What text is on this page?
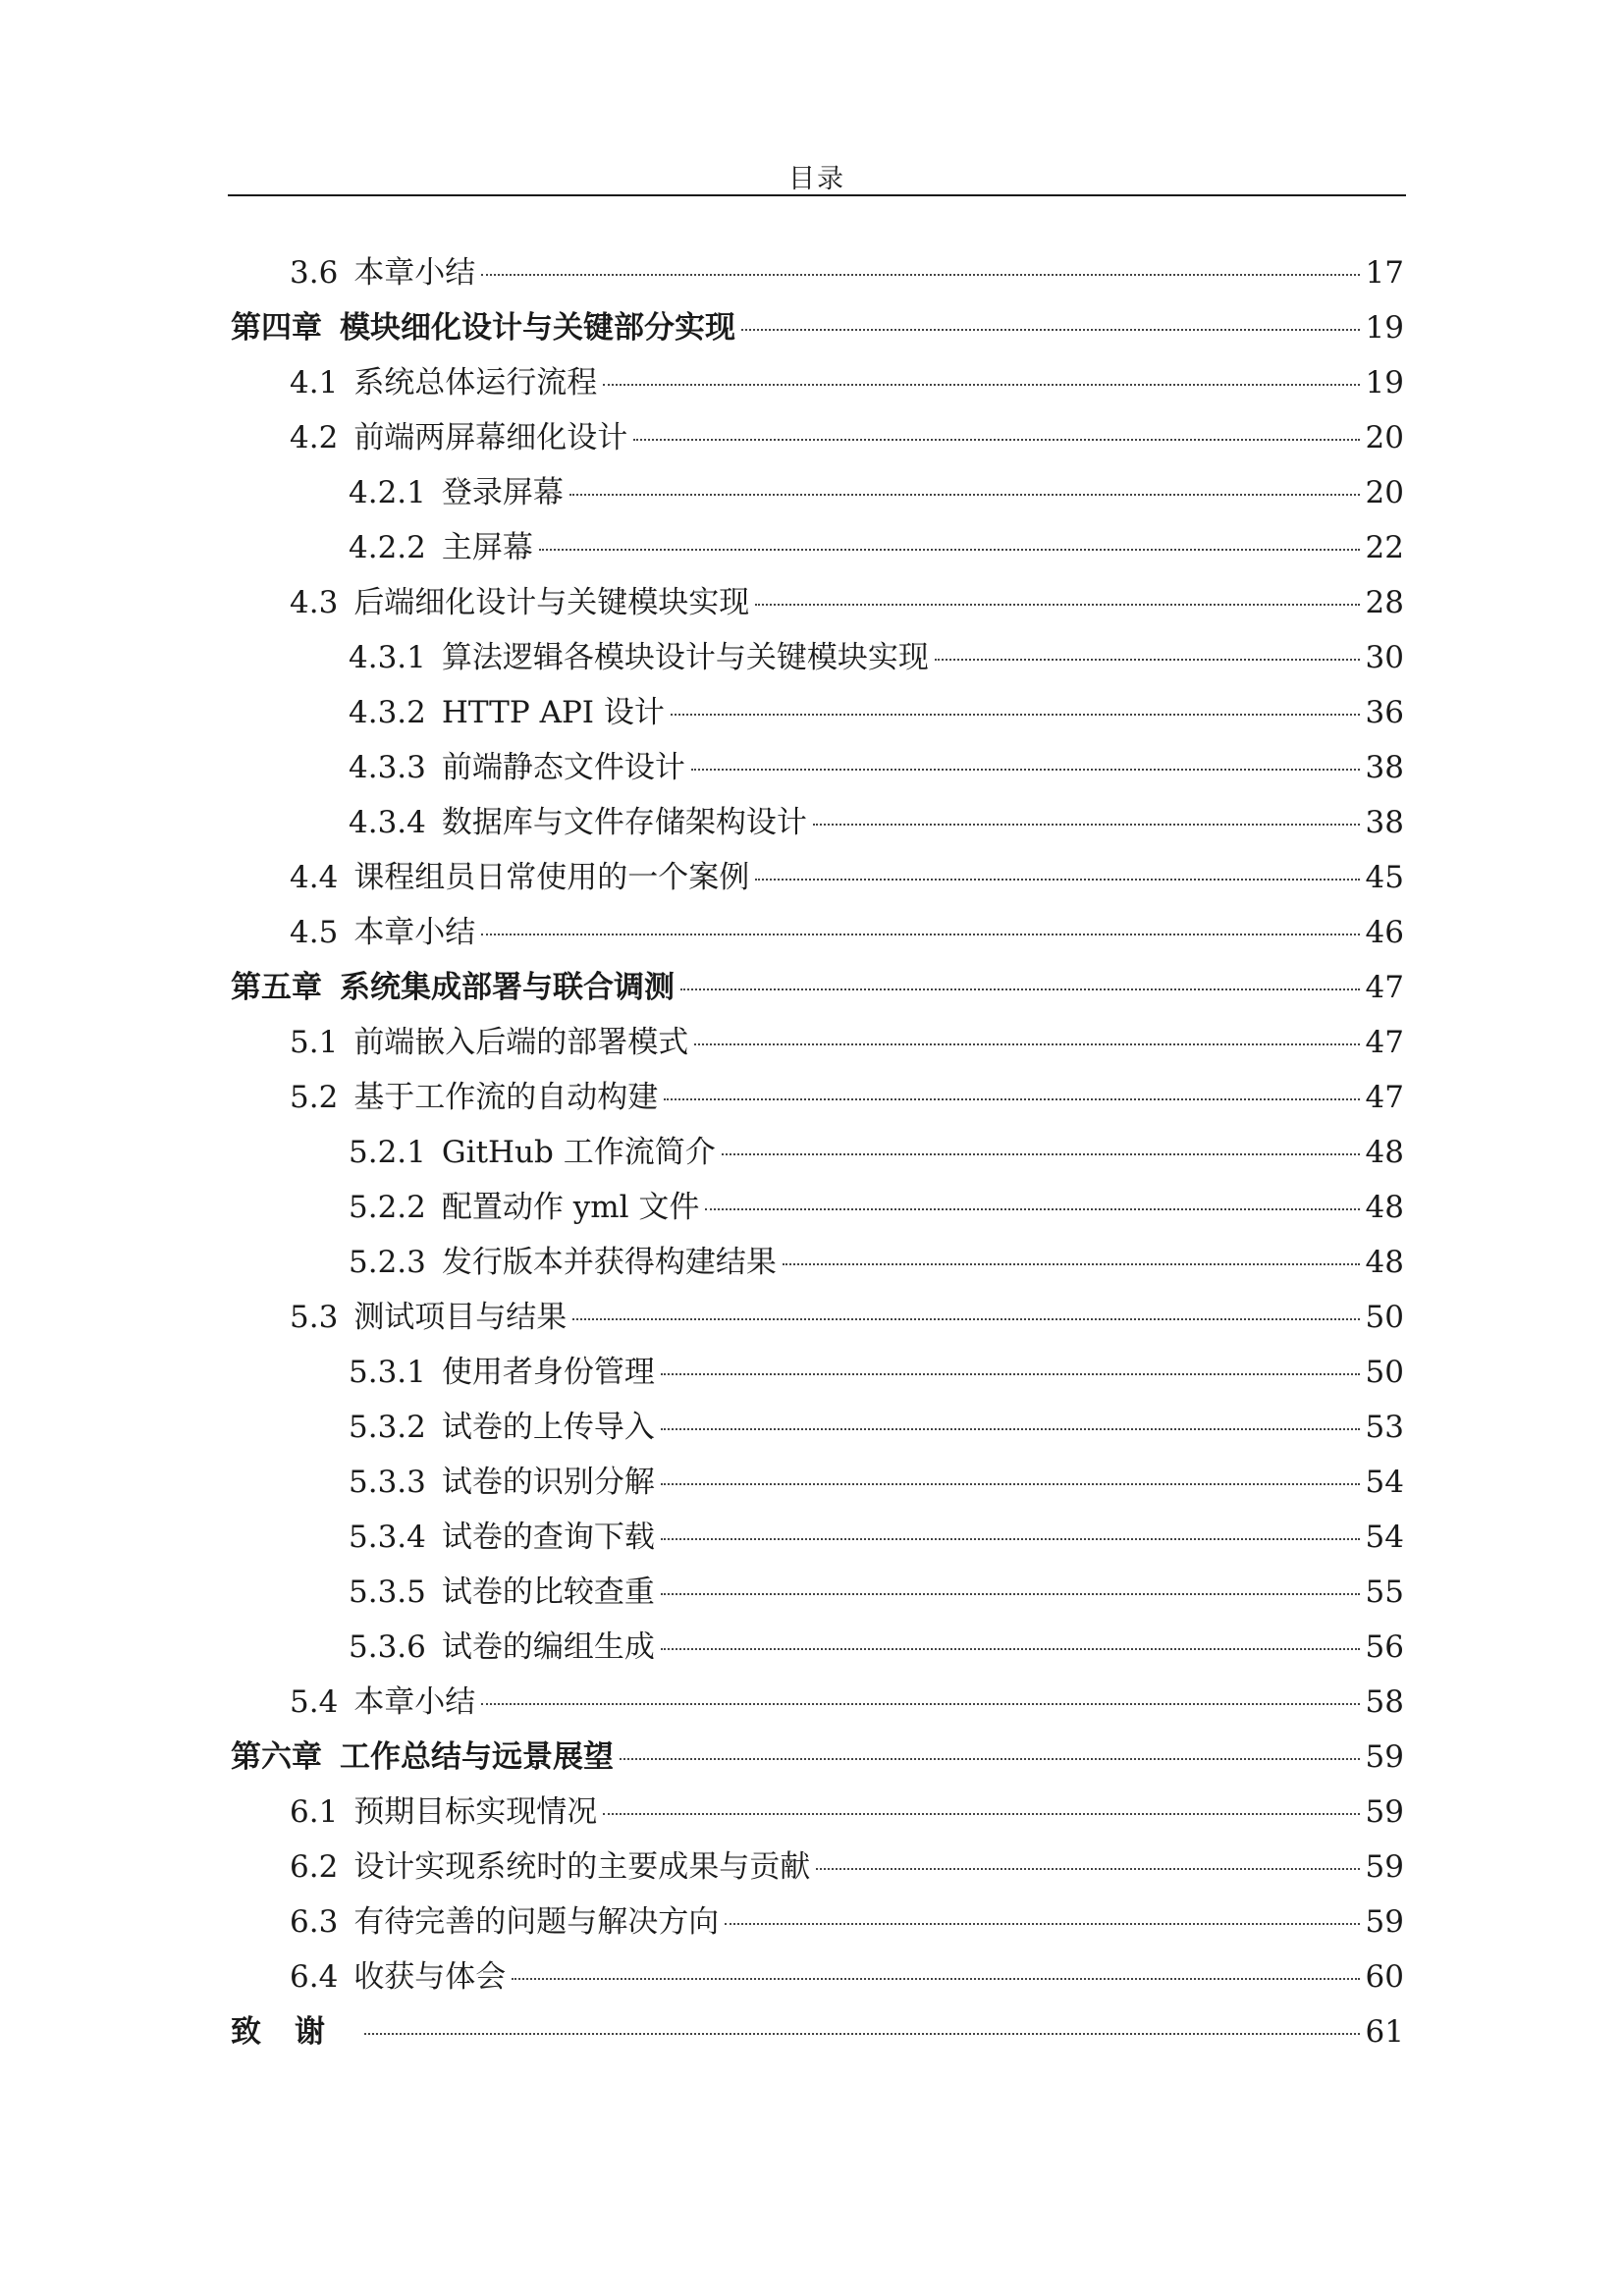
目录
3.6 本章小结	17
第四章 模块细化设计与关键部分实现	19
4.1 系统总体运行流程	19
4.2 前端两屏幕细化设计	20
4.2.1 登录屏幕	20
4.2.2 主屏幕	22
4.3 后端细化设计与关键模块实现	28
4.3.1 算法逻辑各模块设计与关键模块实现	30
4.3.2 HTTP API 设计	36
4.3.3 前端静态文件设计	38
4.3.4 数据库与文件存储架构设计	38
4.4 课程组员日常使用的一个案例	45
4.5 本章小结	46
第五章 系统集成部署与联合调测	47
5.1 前端嵌入后端的部署模式	47
5.2 基于工作流的自动构建	47
5.2.1 GitHub 工作流简介	48
5.2.2 配置动作 yml 文件	48
5.2.3 发行版本并获得构建结果	48
5.3 测试项目与结果	50
5.3.1 使用者身份管理	50
5.3.2 试卷的上传导入	53
5.3.3 试卷的识别分解	54
5.3.4 试卷的查询下载	54
5.3.5 试卷的比较查重	55
5.3.6 试卷的编组生成	56
5.4 本章小结	58
第六章 工作总结与远景展望	59
6.1 预期目标实现情况	59
6.2 设计实现系统时的主要成果与贡献	59
6.3 有待完善的问题与解决方向	59
6.4 收获与体会	60
致谢	61
